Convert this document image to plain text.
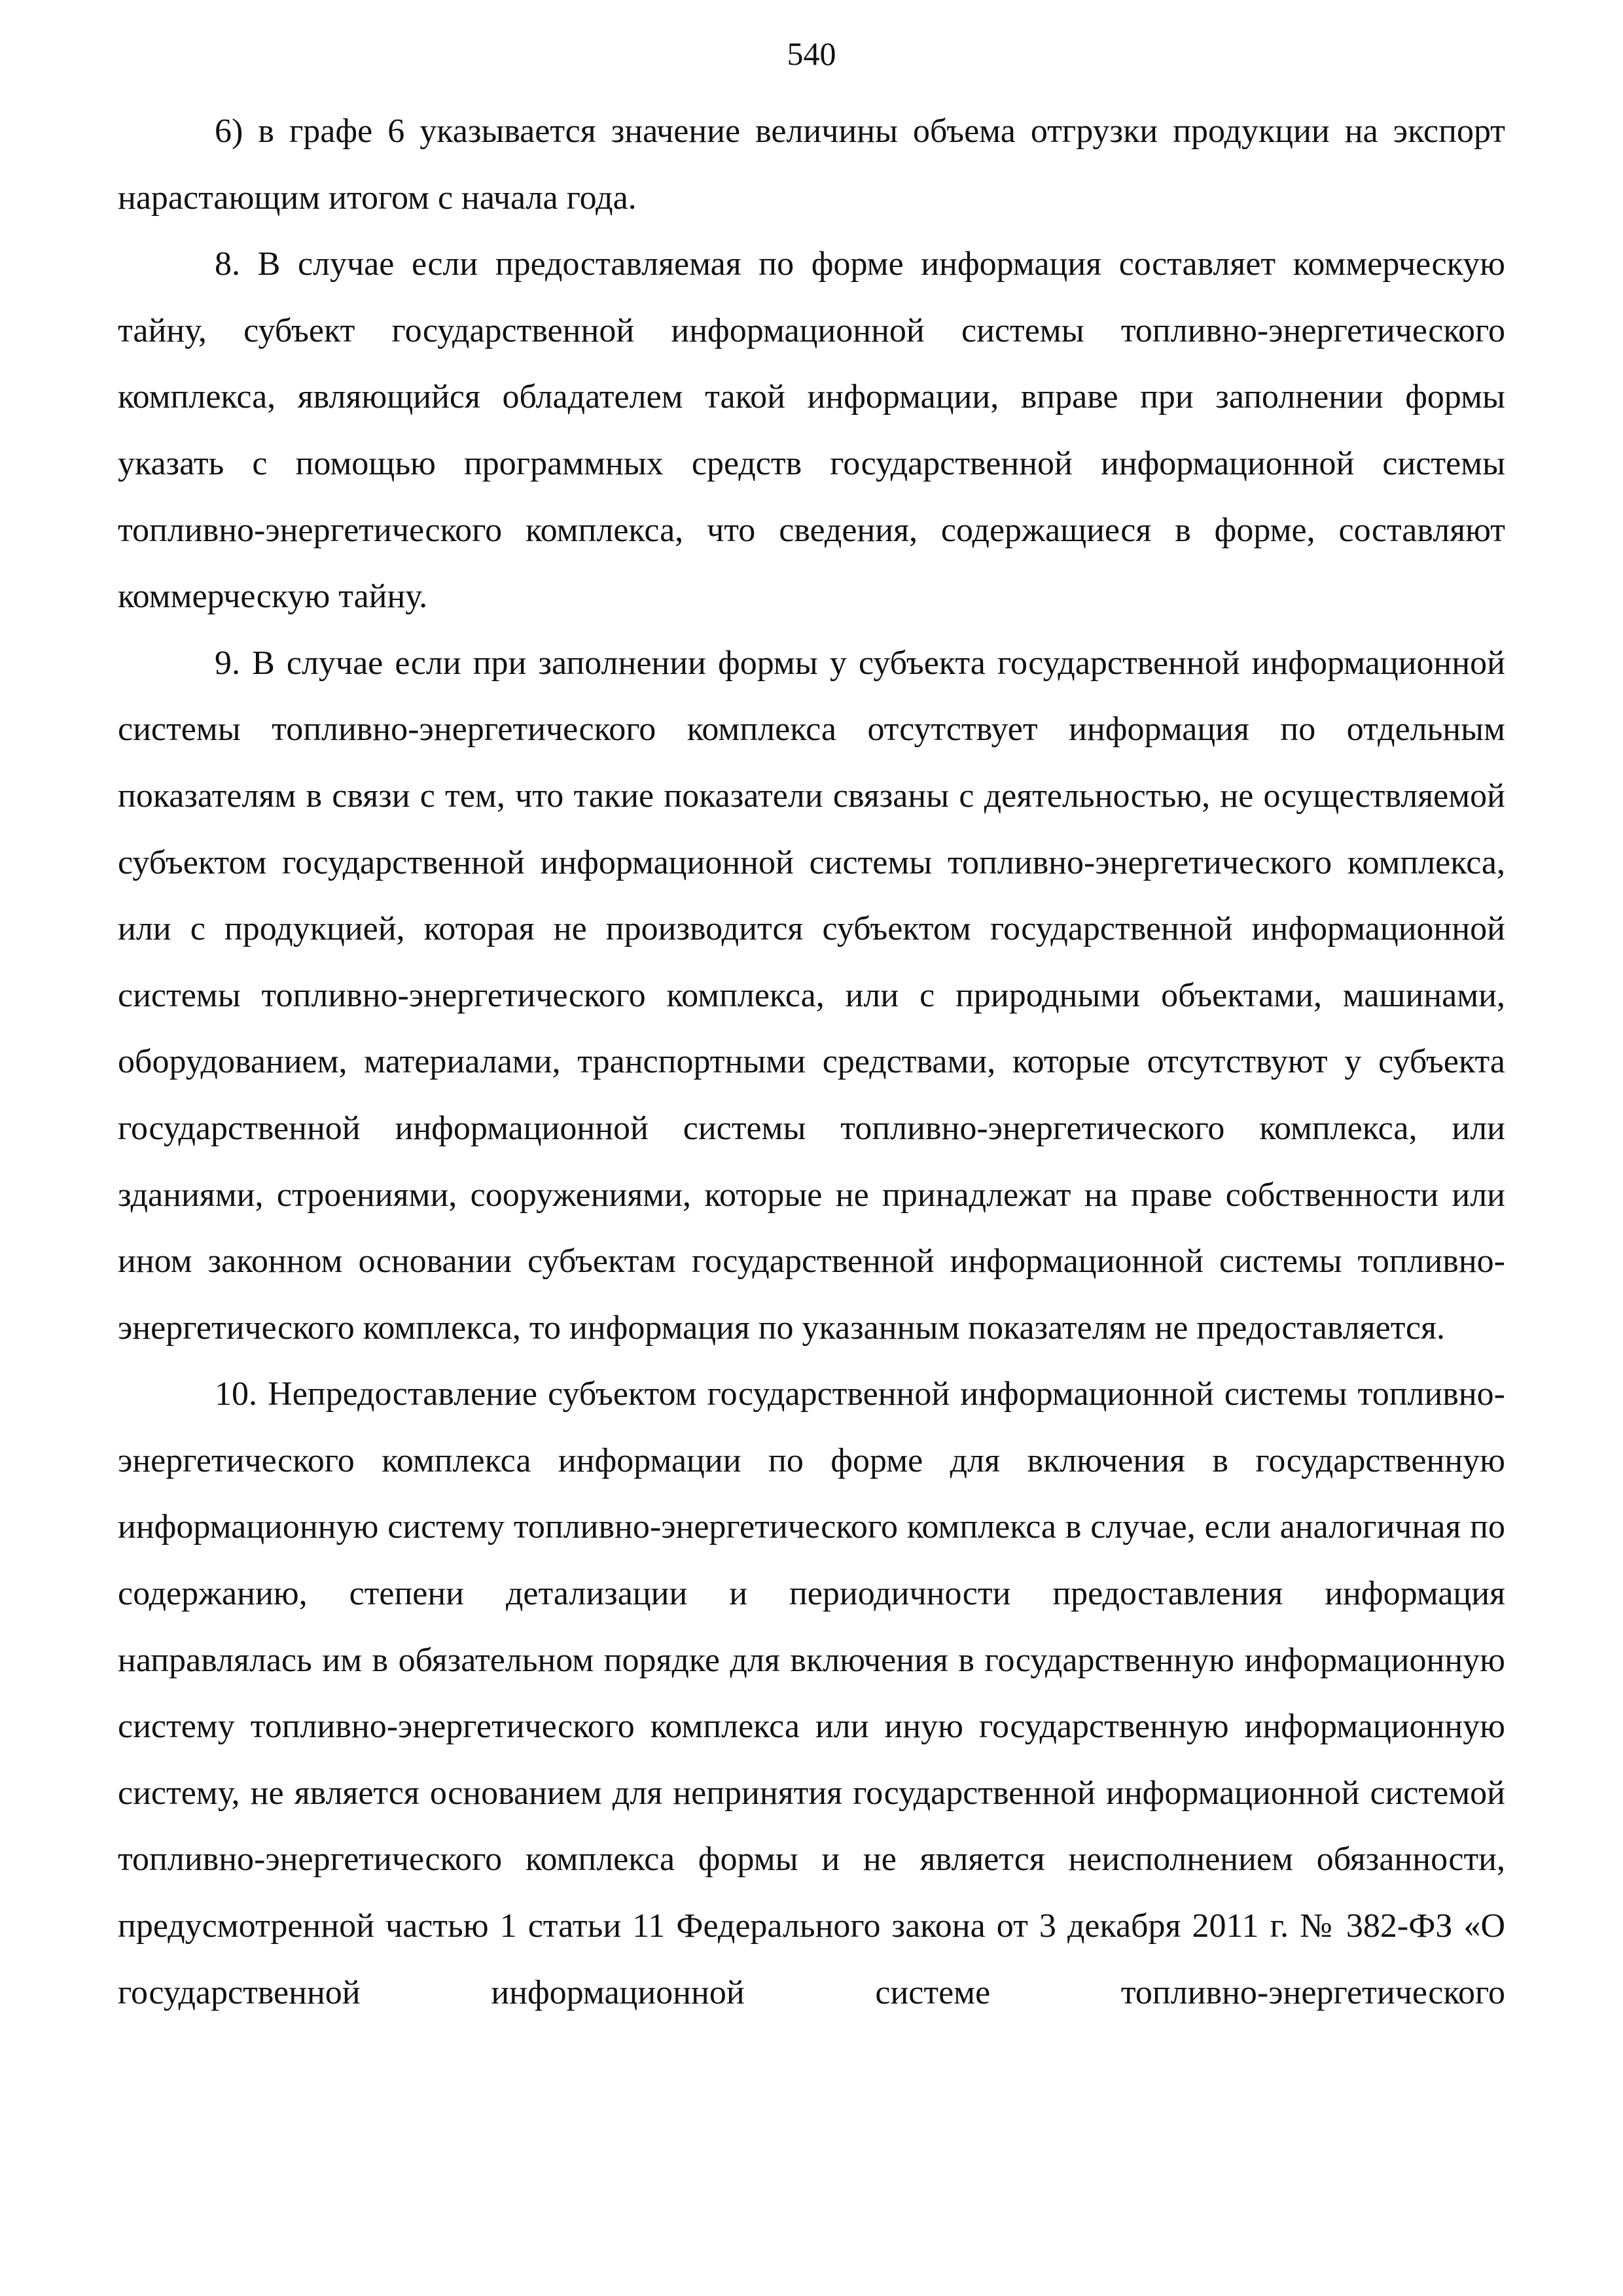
540

6) в графе 6 указывается значение величины объема отгрузки продукции на экспорт нарастающим итогом с начала года.

8. В случае если предоставляемая по форме информация составляет коммерческую тайну, субъект государственной информационной системы топливно-энергетического комплекса, являющийся обладателем такой информации, вправе при заполнении формы указать с помощью программных средств государственной информационной системы топливно-энергетического комплекса, что сведения, содержащиеся в форме, составляют коммерческую тайну.

9. В случае если при заполнении формы у субъекта государственной информационной системы топливно-энергетического комплекса отсутствует информация по отдельным показателям в связи с тем, что такие показатели связаны с деятельностью, не осуществляемой субъектом государственной информационной системы топливно-энергетического комплекса, или с продукцией, которая не производится субъектом государственной информационной системы топливно-энергетического комплекса, или с природными объектами, машинами, оборудованием, материалами, транспортными средствами, которые отсутствуют у субъекта государственной информационной системы топливно-энергетического комплекса, или зданиями, строениями, сооружениями, которые не принадлежат на праве собственности или ином законном основании субъектам государственной информационной системы топливно-энергетического комплекса, то информация по указанным показателям не предоставляется.

10. Непредоставление субъектом государственной информационной системы топливно-энергетического комплекса информации по форме для включения в государственную информационную систему топливно-энергетического комплекса в случае, если аналогичная по содержанию, степени детализации и периодичности предоставления информация направлялась им в обязательном порядке для включения в государственную информационную систему топливно-энергетического комплекса или иную государственную информационную систему, не является основанием для непринятия государственной информационной системой топливно-энергетического комплекса формы и не является неисполнением обязанности, предусмотренной частью 1 статьи 11 Федерального закона от 3 декабря 2011 г. № 382-ФЗ «О государственной информационной системе топливно-энергетического
